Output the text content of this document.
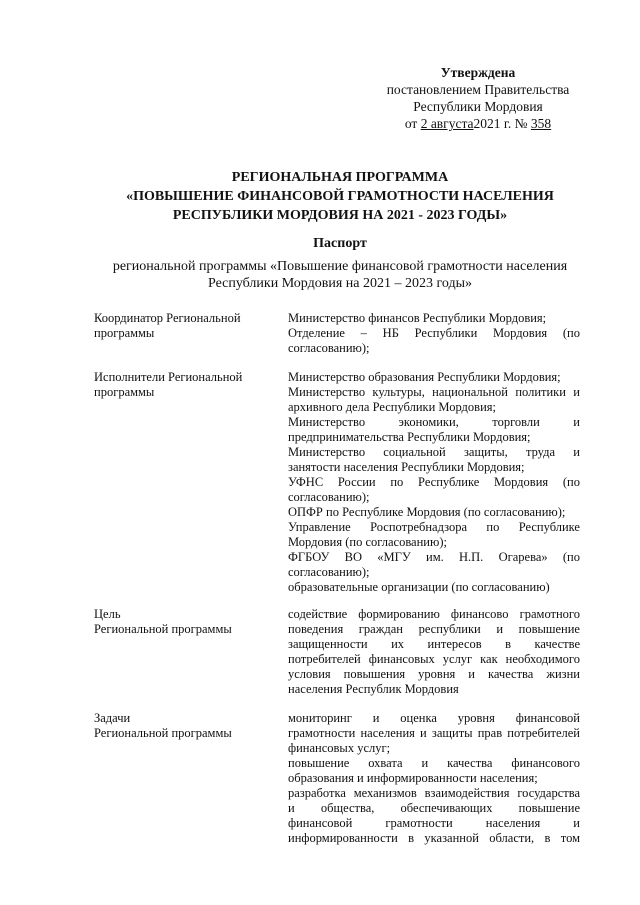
Утверждена
постановлением Правительства
Республики Мордовия
от 2 августа2021 г. № 358
РЕГИОНАЛЬНАЯ ПРОГРАММА
«ПОВЫШЕНИЕ ФИНАНСОВОЙ ГРАМОТНОСТИ НАСЕЛЕНИЯ
РЕСПУБЛИКИ МОРДОВИЯ НА 2021 - 2023 ГОДЫ»
Паспорт
региональной программы «Повышение финансовой грамотности населения
Республики Мордовия на 2021 – 2023 годы»
Координатор Региональной
программы
Министерство финансов Республики Мордовия;
Отделение – НБ Республики Мордовия (по
согласованию);
Исполнители Региональной
программы
Министерство образования Республики Мордовия;
Министерство культуры, национальной политики и
архивного дела Республики Мордовия;
Министерство экономики, торговли и
предпринимательства Республики Мордовия;
Министерство социальной защиты, труда и
занятости населения Республики Мордовия;
УФНС России по Республике Мордовия (по
согласованию);
ОПФР по Республике Мордовия (по согласованию);
Управление Роспотребнадзора по Республике
Мордовия (по согласованию);
ФГБОУ ВО «МГУ им. Н.П. Огарева» (по
согласованию);
образовательные организации (по согласованию)
Цель
Региональной программы
содействие формированию финансово грамотного
поведения граждан республики и повышение
защищенности их интересов в качестве
потребителей финансовых услуг как необходимого
условия повышения уровня и качества жизни
населения Республик Мордовия
Задачи
Региональной программы
мониторинг и оценка уровня финансовой
грамотности населения и защиты прав потребителей
финансовых услуг;
повышение охвата и качества финансового
образования и информированности населения;
разработка механизмов взаимодействия государства
и общества, обеспечивающих повышение
финансовой грамотности населения и
информированности в указанной области, в том
